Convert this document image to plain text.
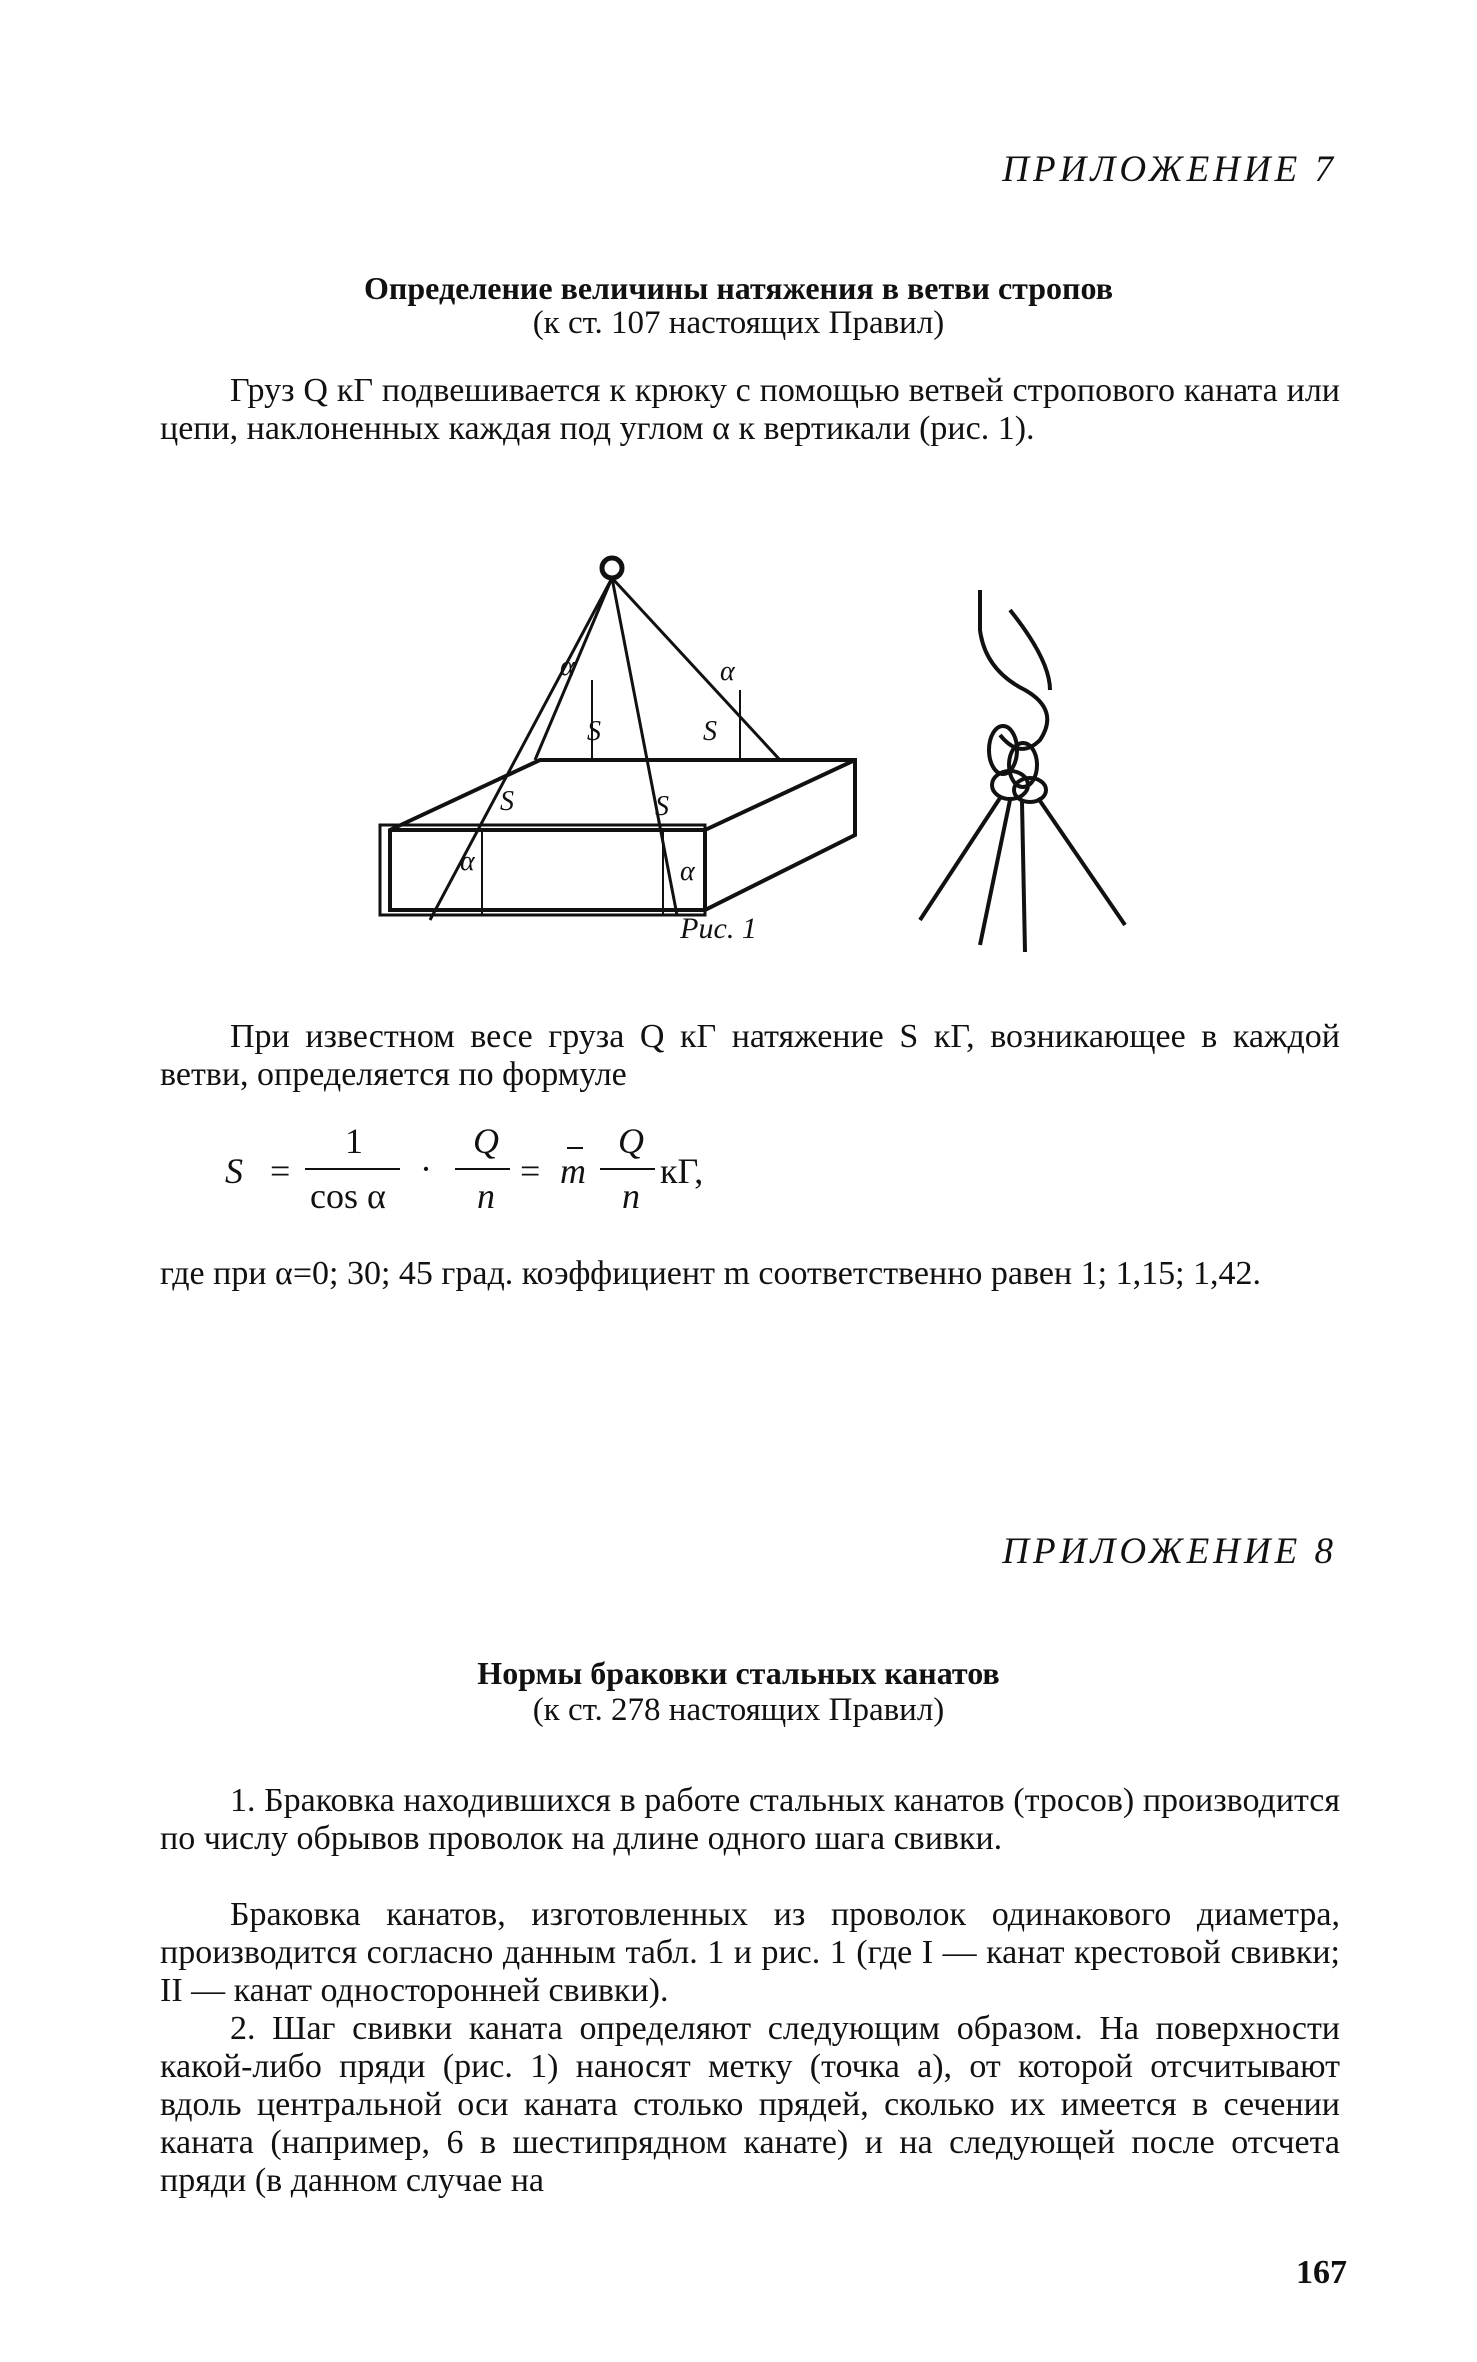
ПРИЛОЖЕНИЕ 7
Определение величины натяжения в ветви стропов
(к ст. 107 настоящих Правил)

Груз Q кГ подвешивается к крюку с помощью ветвей стропового каната или цепи, наклоненных каждая под углом α к вертикали (рис. 1).

α	α
α	α
S	S
S	S
Рис. 1

При известном весе груза Q кГ натяжение S кГ, возникающее в каждой ветви, определяется по формуле

S =
1
cos α
·
Q
n
= m
Q
n
кГ,

где при α=0; 30; 45 град. коэффициент m соответственно равен 1; 1,15; 1,42.

ПРИЛОЖЕНИЕ 8
Нормы браковки стальных канатов
(к ст. 278 настоящих Правил)

1. Браковка находившихся в работе стальных канатов (тросов) производится по числу обрывов проволок на длине одного шага свивки.

Браковка канатов, изготовленных из проволок одинакового диаметра, производится согласно данным табл. 1 и рис. 1 (где I — канат крестовой свивки; II — канат односторонней свивки).

2. Шаг свивки каната определяют следующим образом. На поверхности какой-либо пряди (рис. 1) наносят метку (точка а), от которой отсчитывают вдоль центральной оси каната столько прядей, сколько их имеется в сечении каната (например, 6 в шестипрядном канате) и на следующей после отсчета пряди (в данном случае на

167
